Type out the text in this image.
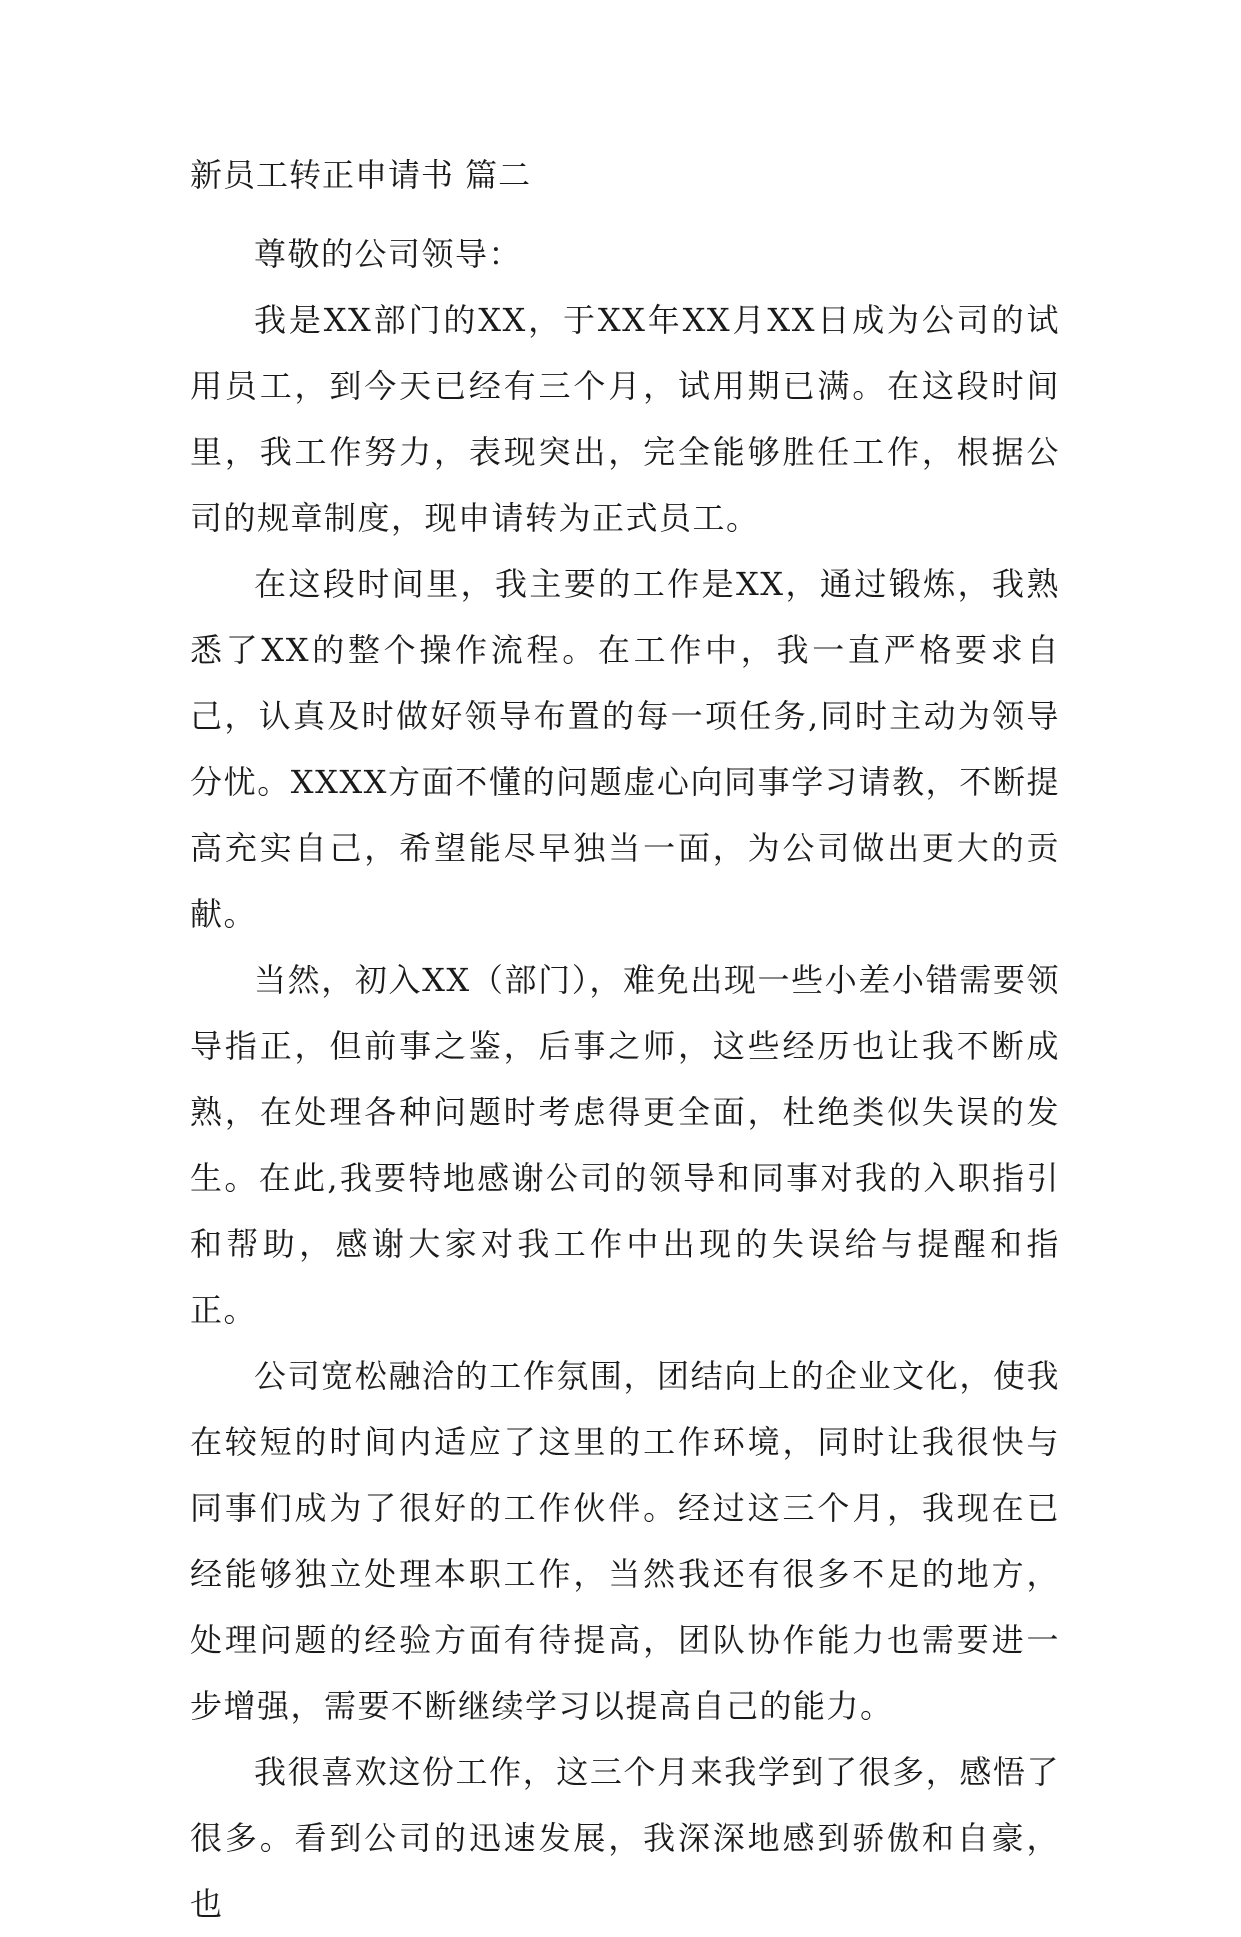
新员工转正申请书 篇二

尊敬的公司领导：

我是XX部门的XX，于XX年XX月XX日成为公司的试用员工，到今天已经有三个月，试用期已满。在这段时间里，我工作努力，表现突出，完全能够胜任工作，根据公司的规章制度，现申请转为正式员工。

在这段时间里，我主要的工作是XX，通过锻炼，我熟悉了XX的整个操作流程。在工作中，我一直严格要求自己，认真及时做好领导布置的每一项任务,同时主动为领导分忧。XXXX方面不懂的问题虚心向同事学习请教，不断提高充实自己，希望能尽早独当一面，为公司做出更大的贡献。

当然，初入XX（部门），难免出现一些小差小错需要领导指正，但前事之鉴，后事之师，这些经历也让我不断成熟，在处理各种问题时考虑得更全面，杜绝类似失误的发生。在此,我要特地感谢公司的领导和同事对我的入职指引和帮助，感谢大家对我工作中出现的失误给与提醒和指正。

公司宽松融洽的工作氛围，团结向上的企业文化，使我在较短的时间内适应了这里的工作环境，同时让我很快与同事们成为了很好的工作伙伴。经过这三个月，我现在已经能够独立处理本职工作，当然我还有很多不足的地方，处理问题的经验方面有待提高，团队协作能力也需要进一步增强，需要不断继续学习以提高自己的能力。

我很喜欢这份工作，这三个月来我学到了很多，感悟了很多。看到公司的迅速发展，我深深地感到骄傲和自豪，也
